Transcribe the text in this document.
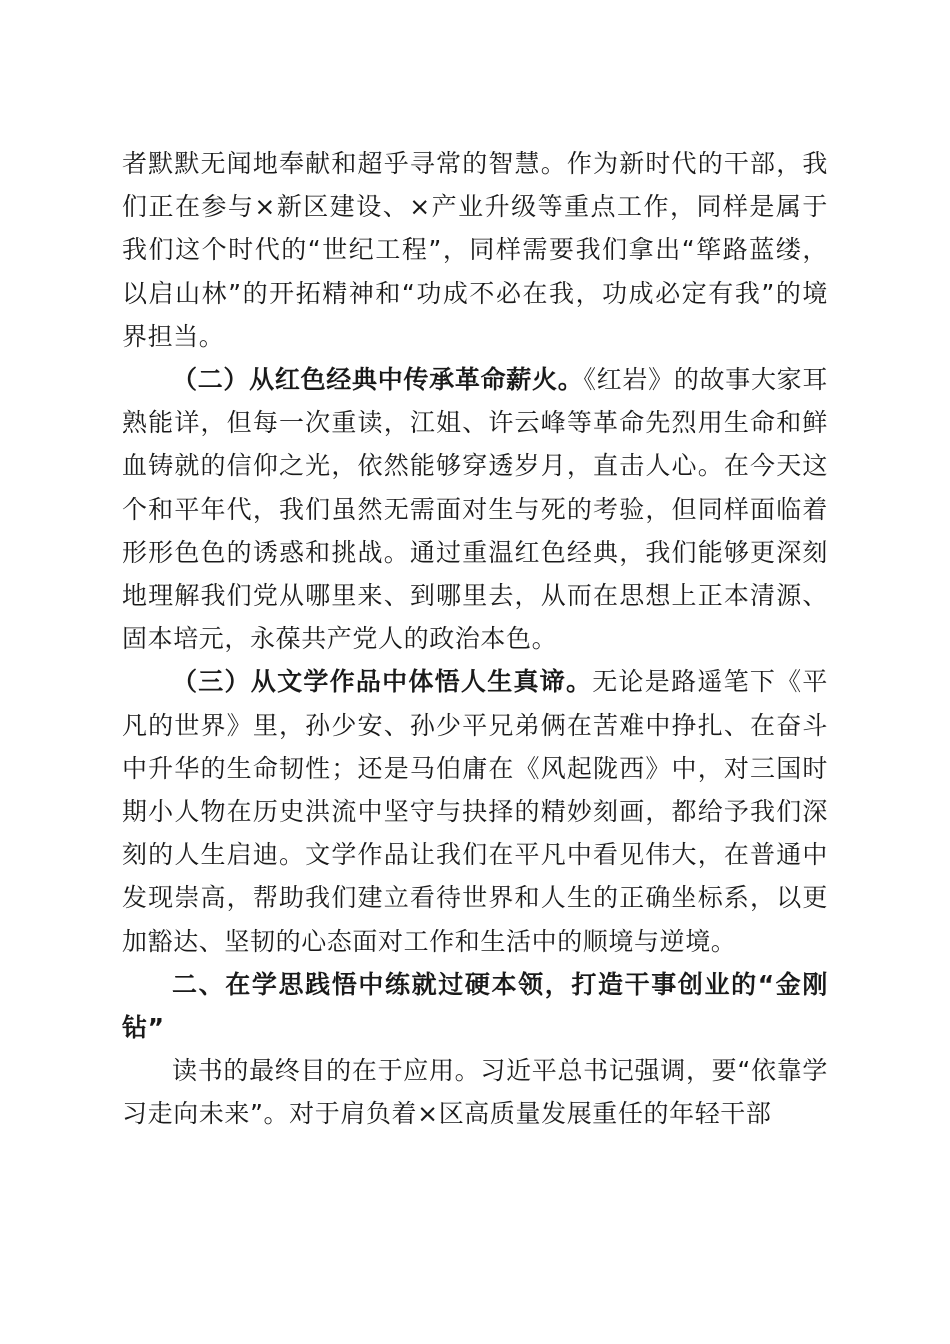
者默默无闻地奉献和超乎寻常的智慧。作为新时代的干部，我们正在参与×新区建设、×产业升级等重点工作，同样是属于我们这个时代的“世纪工程”，同样需要我们拿出“筚路蓝缕，以启山林”的开拓精神和“功成不必在我，功成必定有我”的境界担当。

（二）从红色经典中传承革命薪火。《红岩》的故事大家耳熟能详，但每一次重读，江姐、许云峰等革命先烈用生命和鲜血铸就的信仰之光，依然能够穿透岁月，直击人心。在今天这个和平年代，我们虽然无需面对生与死的考验，但同样面临着形形色色的诱惑和挑战。通过重温红色经典，我们能够更深刻地理解我们党从哪里来、到哪里去，从而在思想上正本清源、固本培元，永葆共产党人的政治本色。

（三）从文学作品中体悟人生真谛。无论是路遥笔下《平凡的世界》里，孙少安、孙少平兄弟俩在苦难中挣扎、在奋斗中升华的生命韧性；还是马伯庸在《风起陇西》中，对三国时期小人物在历史洪流中坚守与抉择的精妙刻画，都给予我们深刻的人生启迪。文学作品让我们在平凡中看见伟大，在普通中发现崇高，帮助我们建立看待世界和人生的正确坐标系，以更加豁达、坚韧的心态面对工作和生活中的顺境与逆境。

二、在学思践悟中练就过硬本领，打造干事创业的“金刚钻”

读书的最终目的在于应用。习近平总书记强调，要“依靠学习走向未来”。对于肩负着×区高质量发展重任的年轻干部
